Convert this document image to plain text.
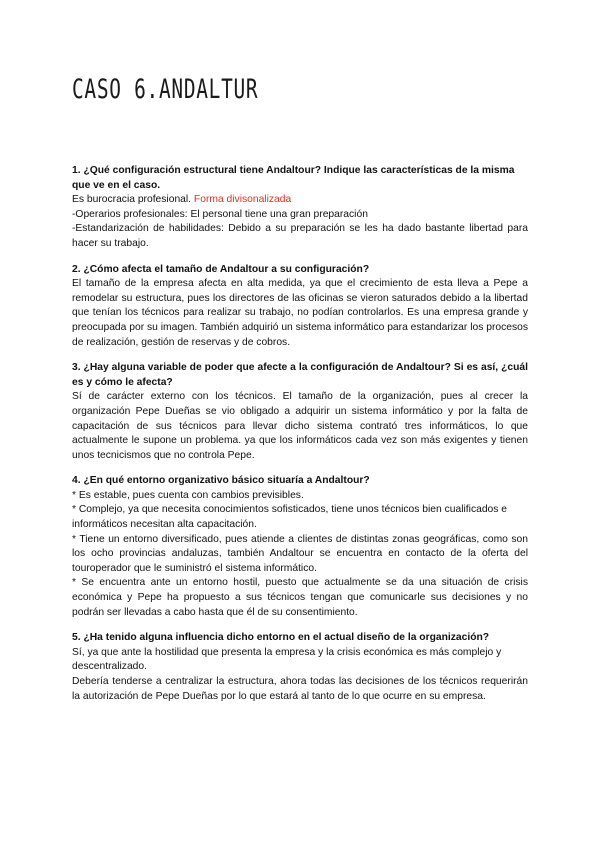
CASO 6.ANDALTUR

1. ¿Qué configuración estructural tiene Andaltour? Indique las características de la misma que ve en el caso.

Es burocracia profesional. Forma divisonalizada

-Operarios profesionales: El personal tiene una gran preparación

-Estandarización de habilidades: Debido a su preparación se les ha dado bastante libertad para hacer su trabajo.

2. ¿Cómo afecta el tamaño de Andaltour a su configuración?

El tamaño de la empresa afecta en alta medida, ya que el crecimiento de esta lleva a Pepe a remodelar su estructura, pues los directores de las oficinas se vieron saturados debido a la libertad que tenían los técnicos para realizar su trabajo, no podían controlarlos. Es una empresa grande y preocupada por su imagen. También adquirió un sistema informático para estandarizar los procesos de realización, gestión de reservas y de cobros.

3. ¿Hay alguna variable de poder que afecte a la configuración de Andaltour? Si es así, ¿cuál es y cómo le afecta?

Sí de carácter externo con los técnicos. El tamaño de la organización, pues al crecer la organización Pepe Dueñas se vio obligado a adquirir un sistema informático y por la falta de capacitación de sus técnicos para llevar dicho sistema contrató tres informáticos, lo que actualmente le supone un problema. ya que los informáticos cada vez son más exigentes y tienen unos tecnicismos que no controla Pepe.

4. ¿En qué entorno organizativo básico situaría a Andaltour?

* Es estable, pues cuenta con cambios previsibles.

* Complejo, ya que necesita conocimientos sofisticados, tiene unos técnicos bien cualificados e informáticos necesitan alta capacitación.

* Tiene un entorno diversificado, pues atiende a clientes de distintas zonas geográficas, como son los ocho provincias andaluzas, también Andaltour se encuentra en contacto de la oferta del touroperador que le suministró el sistema informático.

* Se encuentra ante un entorno hostil, puesto que actualmente se da una situación de crisis económica y Pepe ha propuesto a sus técnicos tengan que comunicarle sus decisiones y no podrán ser llevadas a cabo hasta que él de su consentimiento.

5. ¿Ha tenido alguna influencia dicho entorno en el actual diseño de la organización?

Sí, ya que ante la hostilidad que presenta la empresa y la crisis económica es más complejo y descentralizado.

Debería tenderse a centralizar la estructura, ahora todas las decisiones de los técnicos requerirán la autorización de Pepe Dueñas por lo que estará al tanto de lo que ocurre en su empresa.
